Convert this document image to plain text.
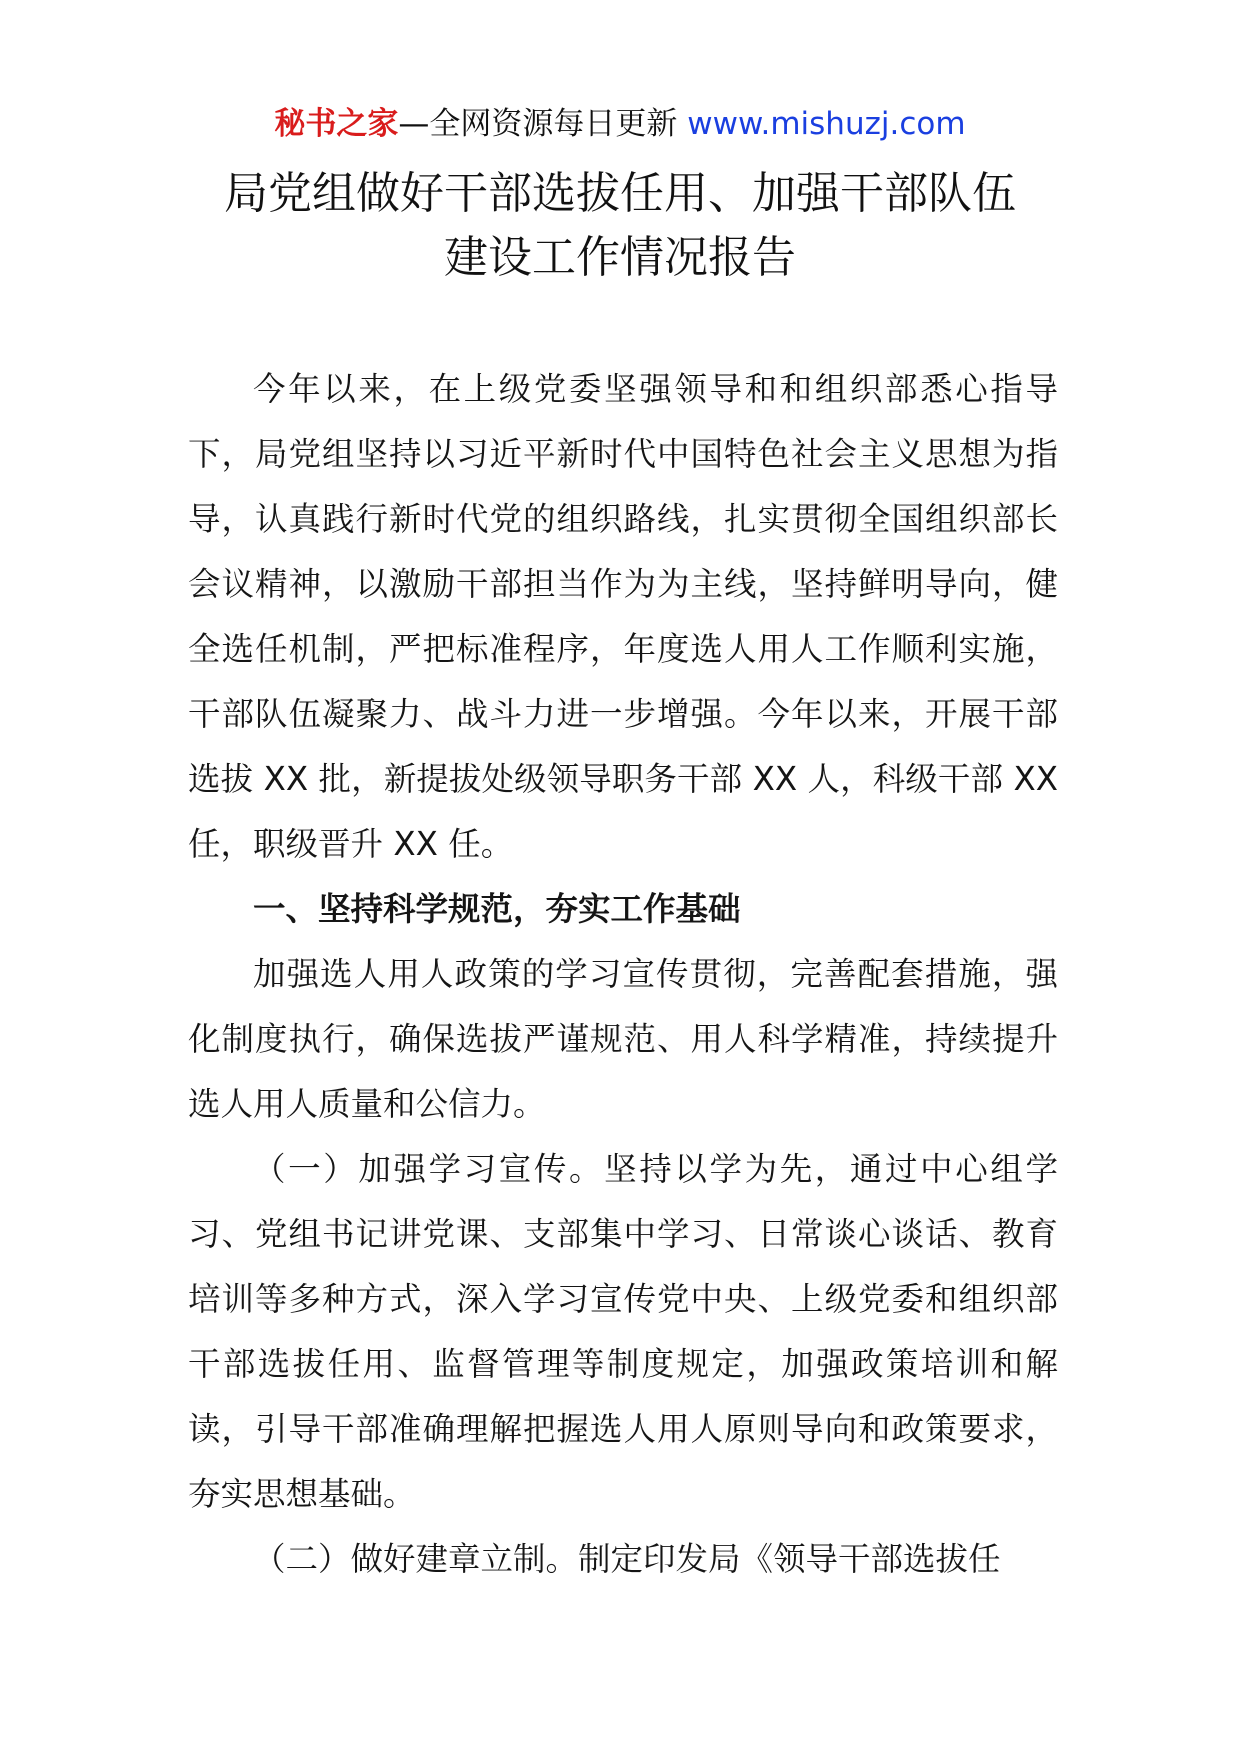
秘书之家—全网资源每日更新 www.mishuzj.com
局党组做好干部选拔任用、加强干部队伍
建设工作情况报告

今年以来，在上级党委坚强领导和和组织部悉心指导下，局党组坚持以习近平新时代中国特色社会主义思想为指导，认真践行新时代党的组织路线，扎实贯彻全国组织部长会议精神，以激励干部担当作为为主线，坚持鲜明导向，健全选任机制，严把标准程序，年度选人用人工作顺利实施，干部队伍凝聚力、战斗力进一步增强。今年以来，开展干部选拔 XX 批，新提拔处级领导职务干部 XX 人，科级干部 XX 任，职级晋升 XX 任。

一、坚持科学规范，夯实工作基础

加强选人用人政策的学习宣传贯彻，完善配套措施，强化制度执行，确保选拔严谨规范、用人科学精准，持续提升选人用人质量和公信力。

（一）加强学习宣传。坚持以学为先，通过中心组学习、党组书记讲党课、支部集中学习、日常谈心谈话、教育培训等多种方式，深入学习宣传党中央、上级党委和组织部干部选拔任用、监督管理等制度规定，加强政策培训和解读，引导干部准确理解把握选人用人原则导向和政策要求，夯实思想基础。

（二）做好建章立制。制定印发局《领导干部选拔任
